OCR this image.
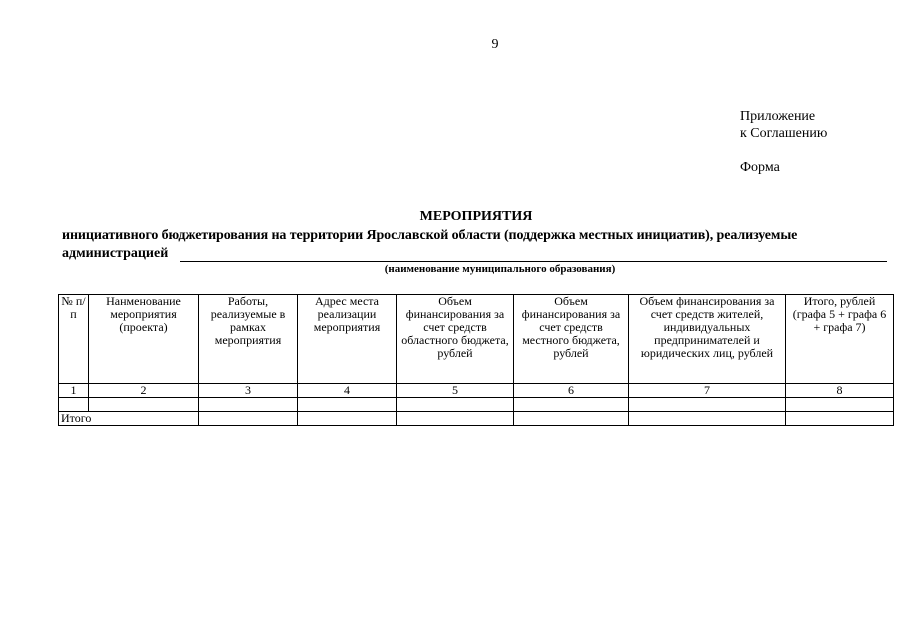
9
Приложение
к Соглашению
Форма
МЕРОПРИЯТИЯ
инициативного бюджетирования на территории Ярославской области (поддержка местных инициатив), реализуемые
администрацией
(наименование муниципального образования)
№ п/п	Нанменование мероприятия (проекта)	Работы, реализуемые в рамках мероприятия	Адрес места реализации мероприятия	Объем финансирования за счет средств областного бюджета, рублей	Объем финансирования за счет средств местного бюджета, рублей	Объем финансирования за счет средств жителей, индивидуальных предпринимателей и юридических лиц, рублей	Итого, рублей (графа 5 + графа 6 + графа 7)
1	2	3	4	5	6	7	8

Итого							
